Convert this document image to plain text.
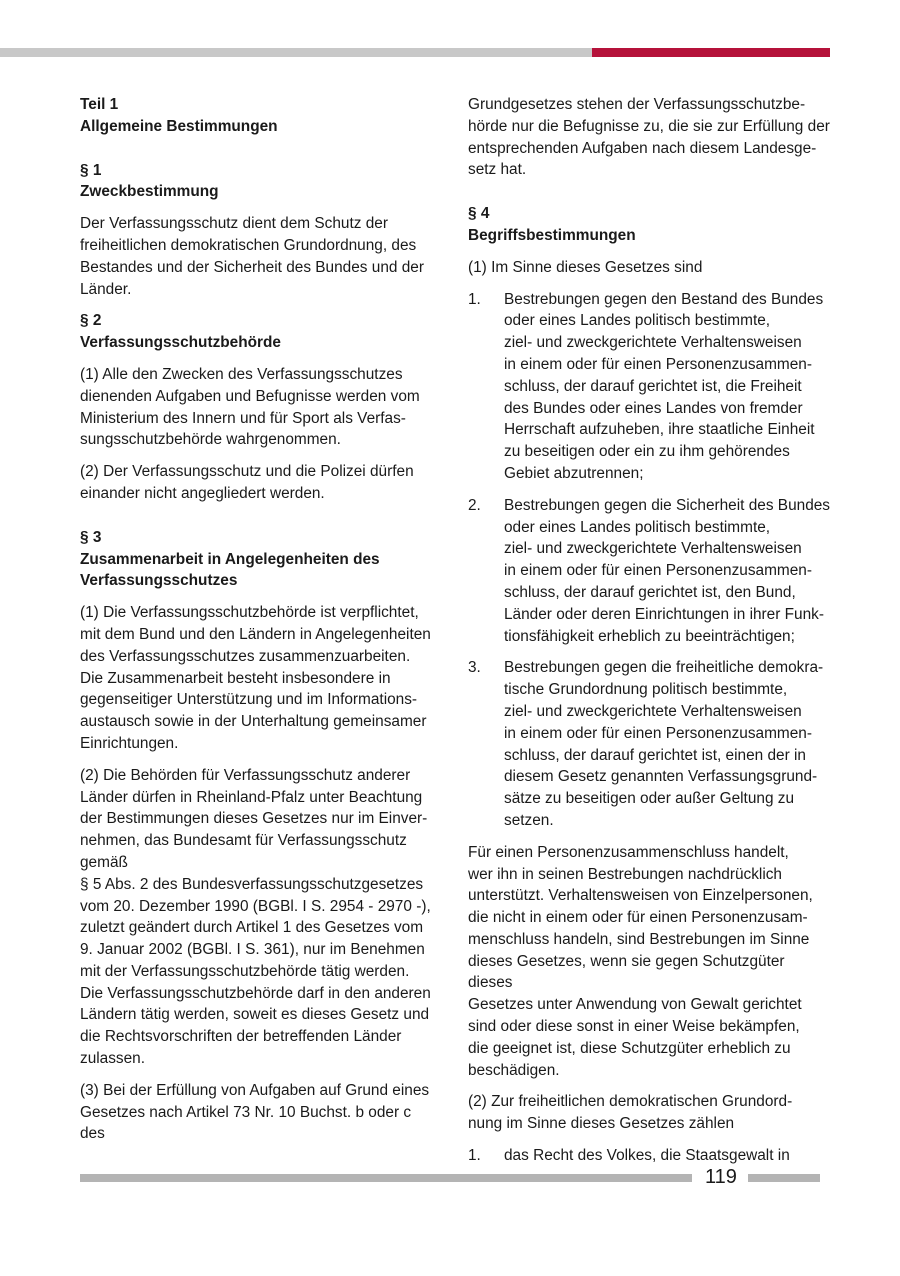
Teil 1

Allgemeine Bestimmungen

§ 1

Zweckbestimmung

Der Verfassungsschutz dient dem Schutz der

freiheitlichen demokratischen Grundordnung, des

Bestandes und der Sicherheit des Bundes und der

Länder.

§ 2

Verfassungsschutzbehörde

(1) Alle den Zwecken des Verfassungsschutzes

dienenden Aufgaben und Befugnisse werden vom

Ministerium des Innern und für Sport als Verfas-

sungsschutzbehörde wahrgenommen.

(2) Der Verfassungsschutz und die Polizei dürfen

einander nicht angegliedert werden.

§ 3

Zusammenarbeit in Angelegenheiten des

Verfassungsschutzes

(1) Die Verfassungsschutzbehörde ist verpflichtet,

mit dem Bund und den Ländern in Angelegenheiten

des Verfassungsschutzes zusammenzuarbeiten.

Die Zusammenarbeit besteht insbesondere in

gegenseitiger Unterstützung und im Informations-

austausch sowie in der Unterhaltung gemeinsamer

Einrichtungen.

(2) Die Behörden für Verfassungsschutz anderer

Länder dürfen in Rheinland-Pfalz unter Beachtung

der Bestimmungen dieses Gesetzes nur im Einver-

nehmen, das Bundesamt für Verfassungsschutz

gemäß

§ 5 Abs. 2 des Bundesverfassungsschutzgesetzes

vom 20. Dezember 1990 (BGBl. I S. 2954 - 2970 -),

zuletzt geändert durch Artikel 1 des Gesetzes vom

9. Januar 2002 (BGBl. I S. 361), nur im Benehmen

mit der Verfassungsschutzbehörde tätig werden.

Die Verfassungsschutzbehörde darf in den anderen

Ländern tätig werden, soweit es dieses Gesetz und

die Rechtsvorschriften der betreffenden Länder

zulassen.

(3) Bei der Erfüllung von Aufgaben auf Grund eines

Gesetzes nach Artikel 73 Nr. 10 Buchst. b oder c des

Grundgesetzes stehen der Verfassungsschutzbe-

hörde nur die Befugnisse zu, die sie zur Erfüllung der

entsprechenden Aufgaben nach diesem Landesge-

setz hat.

§ 4

Begriffsbestimmungen

(1) Im Sinne dieses Gesetzes sind

1.	Bestrebungen gegen den Bestand des Bundes

oder eines Landes politisch bestimmte,

ziel- und zweckgerichtete Verhaltensweisen

in einem oder für einen Personenzusammen-

schluss, der darauf gerichtet ist, die Freiheit

des Bundes oder eines Landes von fremder

Herrschaft aufzuheben, ihre staatliche Einheit

zu beseitigen oder ein zu ihm gehörendes

Gebiet abzutrennen;

2.	Bestrebungen gegen die Sicherheit des Bundes

oder eines Landes politisch bestimmte,

ziel- und zweckgerichtete Verhaltensweisen

in einem oder für einen Personenzusammen-

schluss, der darauf gerichtet ist, den Bund,

Länder oder deren Einrichtungen in ihrer Funk-

tionsfähigkeit erheblich zu beeinträchtigen;

3.	Bestrebungen gegen die freiheitliche demokra-

tische Grundordnung politisch bestimmte,

ziel- und zweckgerichtete Verhaltensweisen

in einem oder für einen Personenzusammen-

schluss, der darauf gerichtet ist, einen der in

diesem Gesetz genannten Verfassungsgrund-

sätze zu beseitigen oder außer Geltung zu

setzen.

Für einen Personenzusammenschluss handelt,

wer ihn in seinen Bestrebungen nachdrücklich

unterstützt. Verhaltensweisen von Einzelpersonen,

die nicht in einem oder für einen Personenzusam-

menschluss handeln, sind Bestrebungen im Sinne

dieses Gesetzes, wenn sie gegen Schutzgüter dieses

Gesetzes unter Anwendung von Gewalt gerichtet

sind oder diese sonst in einer Weise bekämpfen,

die geeignet ist, diese Schutzgüter erheblich zu

beschädigen.

(2) Zur freiheitlichen demokratischen Grundord-

nung im Sinne dieses Gesetzes zählen

1.	das Recht des Volkes, die Staatsgewalt in

119
